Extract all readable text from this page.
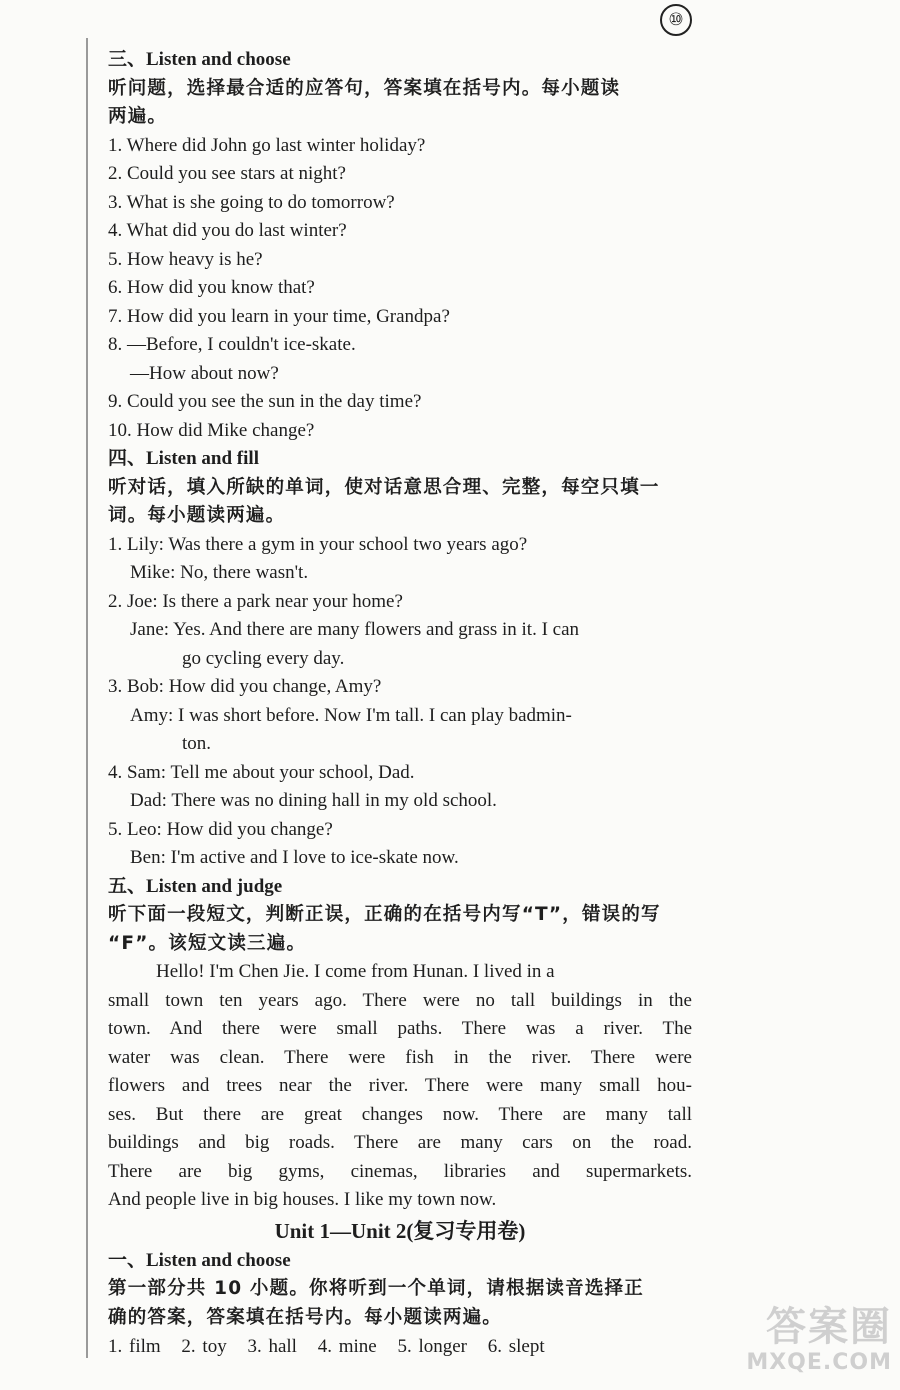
⑩
三、Listen and choose
听问题，选择最合适的应答句，答案填在括号内。每小题读
两遍。
1. Where did John go last winter holiday?
2. Could you see stars at night?
3. What is she going to do tomorrow?
4. What did you do last winter?
5. How heavy is he?
6. How did you know that?
7. How did you learn in your time, Grandpa?
8. —Before, I couldn't ice-skate.
—How about now?
9. Could you see the sun in the day time?
10. How did Mike change?
四、Listen and fill
听对话，填入所缺的单词，使对话意思合理、完整，每空只填一
词。每小题读两遍。
1. Lily: Was there a gym in your school two years ago?
Mike: No, there wasn't.
2. Joe: Is there a park near your home?
Jane: Yes. And there are many flowers and grass in it. I can
go cycling every day.
3. Bob: How did you change, Amy?
Amy: I was short before. Now I'm tall. I can play badmin-
ton.
4. Sam: Tell me about your school, Dad.
Dad: There was no dining hall in my old school.
5. Leo: How did you change?
Ben: I'm active and I love to ice-skate now.
五、Listen and judge
听下面一段短文，判断正误，正确的在括号内写“T”，错误的写
“F”。该短文读三遍。
Hello! I'm Chen Jie. I come from Hunan. I lived in a
small town ten years ago. There were no tall buildings in the
town. And there were small paths. There was a river. The
water was clean. There were fish in the river. There were
flowers and trees near the river. There were many small hou-
ses. But there are great changes now. There are many tall
buildings and big roads. There are many cars on the road.
There are big gyms, cinemas, libraries and supermarkets.
And people live in big houses. I like my town now.
Unit 1—Unit 2(复习专用卷)
一、Listen and choose
第一部分共 10 小题。你将听到一个单词，请根据读音选择正
确的答案，答案填在括号内。每小题读两遍。
1. film 2. toy 3. hall 4. mine 5. longer 6. slept	答案圈
MXQE.COM
